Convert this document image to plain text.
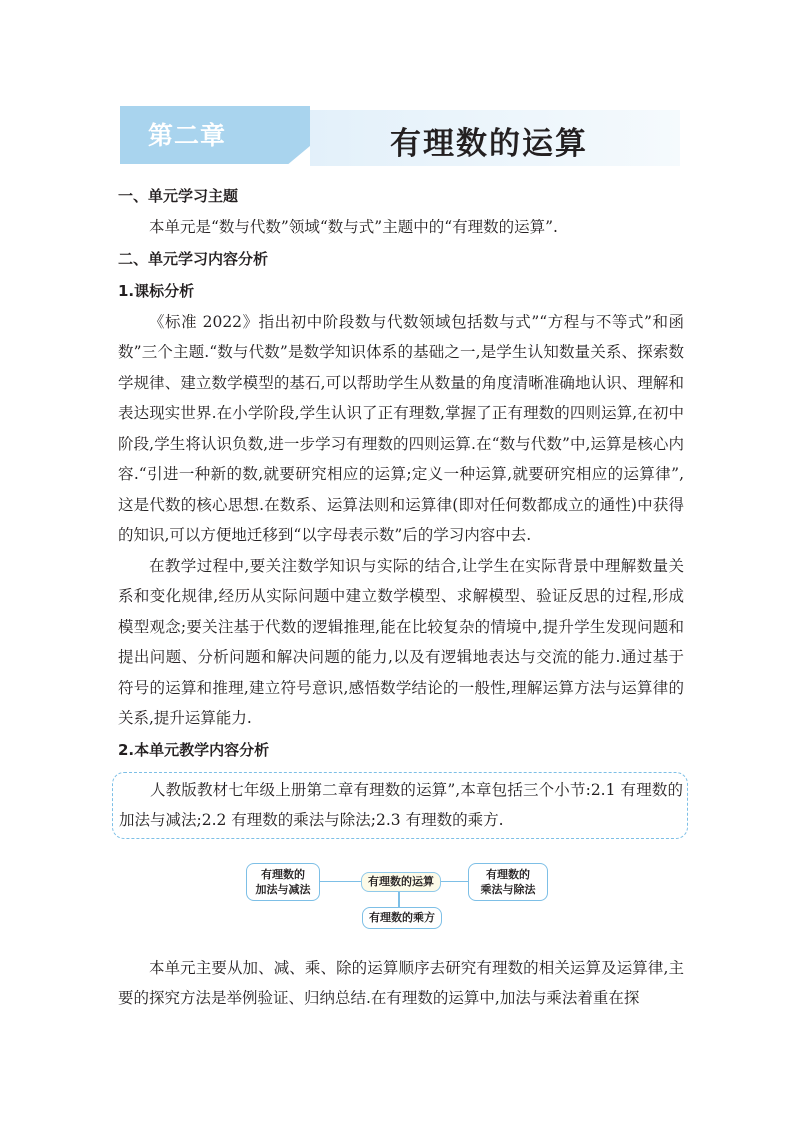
第二章	有理数的运算

一、单元学习主题

本单元是“数与代数”领域“数与式”主题中的“有理数的运算”.

二、单元学习内容分析

1.课标分析

《标准 2022》指出初中阶段数与代数领域包括数与式”“方程与不等式”和函数”三个主题.“数与代数”是数学知识体系的基础之一,是学生认知数量关系、探索数学规律、建立数学模型的基石,可以帮助学生从数量的角度清晰准确地认识、理解和表达现实世界.在小学阶段,学生认识了正有理数,掌握了正有理数的四则运算,在初中阶段,学生将认识负数,进一步学习有理数的四则运算.在“数与代数”中,运算是核心内容.“引进一种新的数,就要研究相应的运算;定义一种运算,就要研究相应的运算律”,这是代数的核心思想.在数系、运算法则和运算律(即对任何数都成立的通性)中获得的知识,可以方便地迁移到“以字母表示数”后的学习内容中去.

在教学过程中,要关注数学知识与实际的结合,让学生在实际背景中理解数量关系和变化规律,经历从实际问题中建立数学模型、求解模型、验证反思的过程,形成模型观念;要关注基于代数的逻辑推理,能在比较复杂的情境中,提升学生发现问题和提出问题、分析问题和解决问题的能力,以及有逻辑地表达与交流的能力.通过基于符号的运算和推理,建立符号意识,感悟数学结论的一般性,理解运算方法与运算律的关系,提升运算能力.

2.本单元教学内容分析

人教版教材七年级上册第二章有理数的运算”,本章包括三个小节:2.1 有理数的加法与减法;2.2 有理数的乘法与除法;2.3 有理数的乘方.

有理数的
加法与减法
有理数的运算
有理数的
乘法与除法
有理数的乘方

本单元主要从加、减、乘、除的运算顺序去研究有理数的相关运算及运算律,主要的探究方法是举例验证、归纳总结.在有理数的运算中,加法与乘法着重在探
